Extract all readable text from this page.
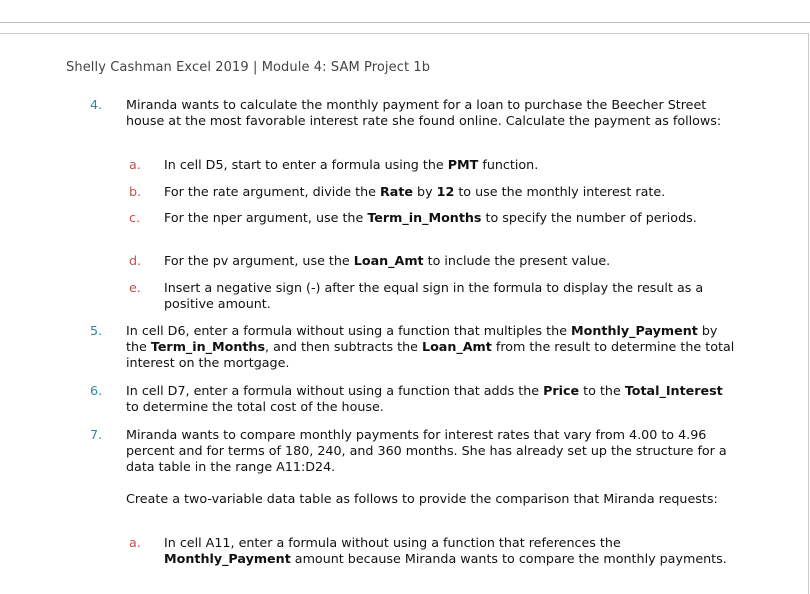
Shelly Cashman Excel 2019 | Module 4: SAM Project 1b
4. Miranda wants to calculate the monthly payment for a loan to purchase the Beecher Street house at the most favorable interest rate she found online. Calculate the payment as follows:
a. In cell D5, start to enter a formula using the PMT function.
b. For the rate argument, divide the Rate by 12 to use the monthly interest rate.
c. For the nper argument, use the Term_in_Months to specify the number of periods.
d. For the pv argument, use the Loan_Amt to include the present value.
e. Insert a negative sign (-) after the equal sign in the formula to display the result as a positive amount.
5. In cell D6, enter a formula without using a function that multiples the Monthly_Payment by the Term_in_Months, and then subtracts the Loan_Amt from the result to determine the total interest on the mortgage.
6. In cell D7, enter a formula without using a function that adds the Price to the Total_Interest to determine the total cost of the house.
7. Miranda wants to compare monthly payments for interest rates that vary from 4.00 to 4.96 percent and for terms of 180, 240, and 360 months. She has already set up the structure for a data table in the range A11:D24.
Create a two-variable data table as follows to provide the comparison that Miranda requests:
a. In cell A11, enter a formula without using a function that references the Monthly_Payment amount because Miranda wants to compare the monthly payments.
